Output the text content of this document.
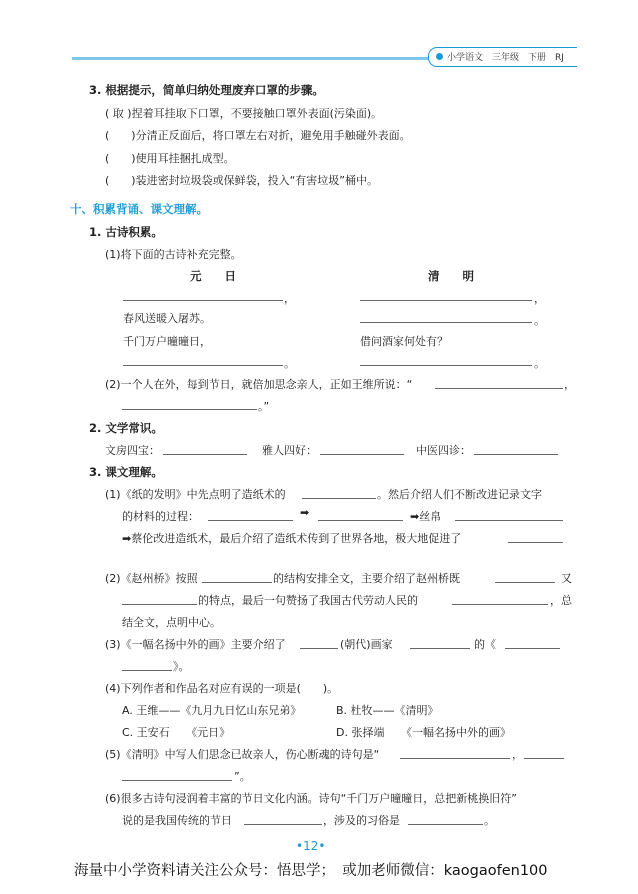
小学语文　三年级　下册　RJ
3. 根据提示，简单归纳处理废弃口罩的步骤。
( 取 )捏着耳挂取下口罩，不要接触口罩外表面(污染面)。
(　　)分清正反面后，将口罩左右对折，避免用手触碰外表面。
(　　)使用耳挂捆扎成型。
(　　)装进密封垃圾袋或保鲜袋，投入“有害垃圾”桶中。
十、积累背诵、课文理解。
1. 古诗积累。
(1)将下面的古诗补充完整。
元　　日	清　　明
，	，
春风送暖入屠苏。	。
千门万户曈曈日，	借问酒家何处有？
。	。
(2)一个人在外，每到节日，就倍加思念亲人，正如王维所说：“	，
。”
2. 文学常识。
文房四宝：	雅人四好：	中医四诊：
3. 课文理解。
(1)《纸的发明》中先点明了造纸术的	。然后介绍人们不断改进记录文字
的材料的过程：	➡	➡丝帛
➡蔡伦改进造纸术，最后介绍了造纸术传到了世界各地，极大地促进了
(2)《赵州桥》按照	的结构安排全文，主要介绍了赵州桥既	又
的特点，最后一句赞扬了我国古代劳动人民的	，总
结全文，点明中心。
(3)《一幅名扬中外的画》主要介绍了	(朝代)画家	的《
》。
(4)下列作者和作品名对应有误的一项是(　　)。
A. 王维——《九月九日忆山东兄弟》	B. 杜牧——《清明》
C. 王安石　　《元日》	D. 张择端　　《一幅名扬中外的画》
(5)《清明》中写人们思念已故亲人，伤心断魂的诗句是“	，
”。
(6)很多古诗句浸润着丰富的节日文化内涵。诗句“千门万户曈曈日，总把新桃换旧符”
说的是我国传统的节日	，涉及的习俗是	。
•12•
海量中小学资料请关注公众号：悟思学；　或加老师微信：kaogaofen100
